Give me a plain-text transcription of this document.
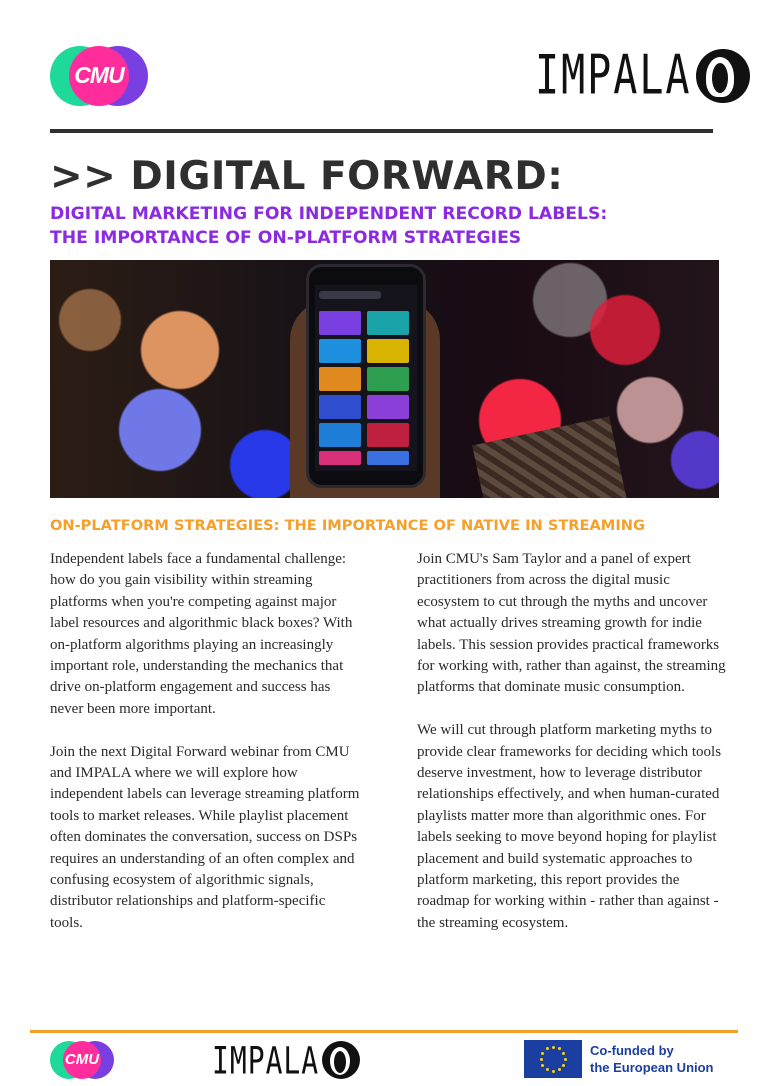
CMU	IMPALA
>> DIGITAL FORWARD:
DIGITAL MARKETING FOR INDEPENDENT RECORD LABELS:
THE IMPORTANCE OF ON-PLATFORM STRATEGIES
ON-PLATFORM STRATEGIES: THE IMPORTANCE OF NATIVE IN STREAMING

Independent labels face a fundamental challenge: how do you gain visibility within streaming platforms when you're competing against major label resources and algorithmic black boxes? With on-platform algorithms playing an increasingly important role, understanding the mechanics that drive on-platform engagement and success has never been more important.

Join the next Digital Forward webinar from CMU and IMPALA where we will explore how independent labels can leverage streaming platform tools to market releases. While playlist placement often dominates the conversation, success on DSPs requires an understanding of an often complex and confusing ecosystem of algorithmic signals, distributor relationships and platform-specific tools.

Join CMU's Sam Taylor and a panel of expert practitioners from across the digital music ecosystem to cut through the myths and uncover what actually drives streaming growth for indie labels. This session provides practical frameworks for working with, rather than against, the streaming platforms that dominate music consumption.

We will cut through platform marketing myths to provide clear frameworks for deciding which tools deserve investment, how to leverage distributor relationships effectively, and when human-curated playlists matter more than algorithmic ones. For labels seeking to move beyond hoping for playlist placement and build systematic approaches to platform marketing, this report provides the roadmap for working within - rather than against - the streaming ecosystem.

CMU	IMPALA	Co-funded by
the European Union
